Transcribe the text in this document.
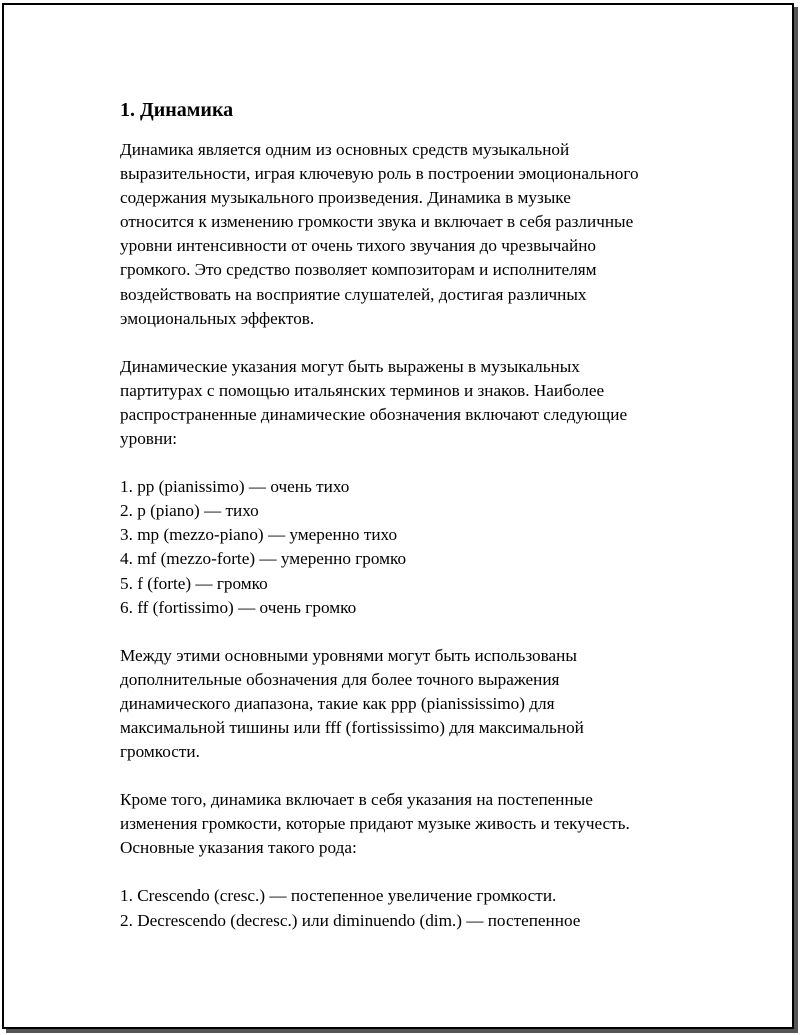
1. Динамика

Динамика является одним из основных средств музыкальной
выразительности, играя ключевую роль в построении эмоционального
содержания музыкального произведения. Динамика в музыке
относится к изменению громкости звука и включает в себя различные
уровни интенсивности от очень тихого звучания до чрезвычайно
громкого. Это средство позволяет композиторам и исполнителям
воздействовать на восприятие слушателей, достигая различных
эмоциональных эффектов.

Динамические указания могут быть выражены в музыкальных
партитурах с помощью итальянских терминов и знаков. Наиболее
распространенные динамические обозначения включают следующие
уровни:

1. pp (pianissimo) — очень тихо
2. p (piano) — тихо
3. mp (mezzo-piano) — умеренно тихо
4. mf (mezzo-forte) — умеренно громко
5. f (forte) — громко
6. ff (fortissimo) — очень громко

Между этими основными уровнями могут быть использованы
дополнительные обозначения для более точного выражения
динамического диапазона, такие как ppp (pianississimo) для
максимальной тишины или fff (fortississimo) для максимальной
громкости.

Кроме того, динамика включает в себя указания на постепенные
изменения громкости, которые придают музыке живость и текучесть.
Основные указания такого рода:

1. Crescendo (cresc.) — постепенное увеличение громкости.
2. Decrescendo (decresc.) или diminuendo (dim.) — постепенное
